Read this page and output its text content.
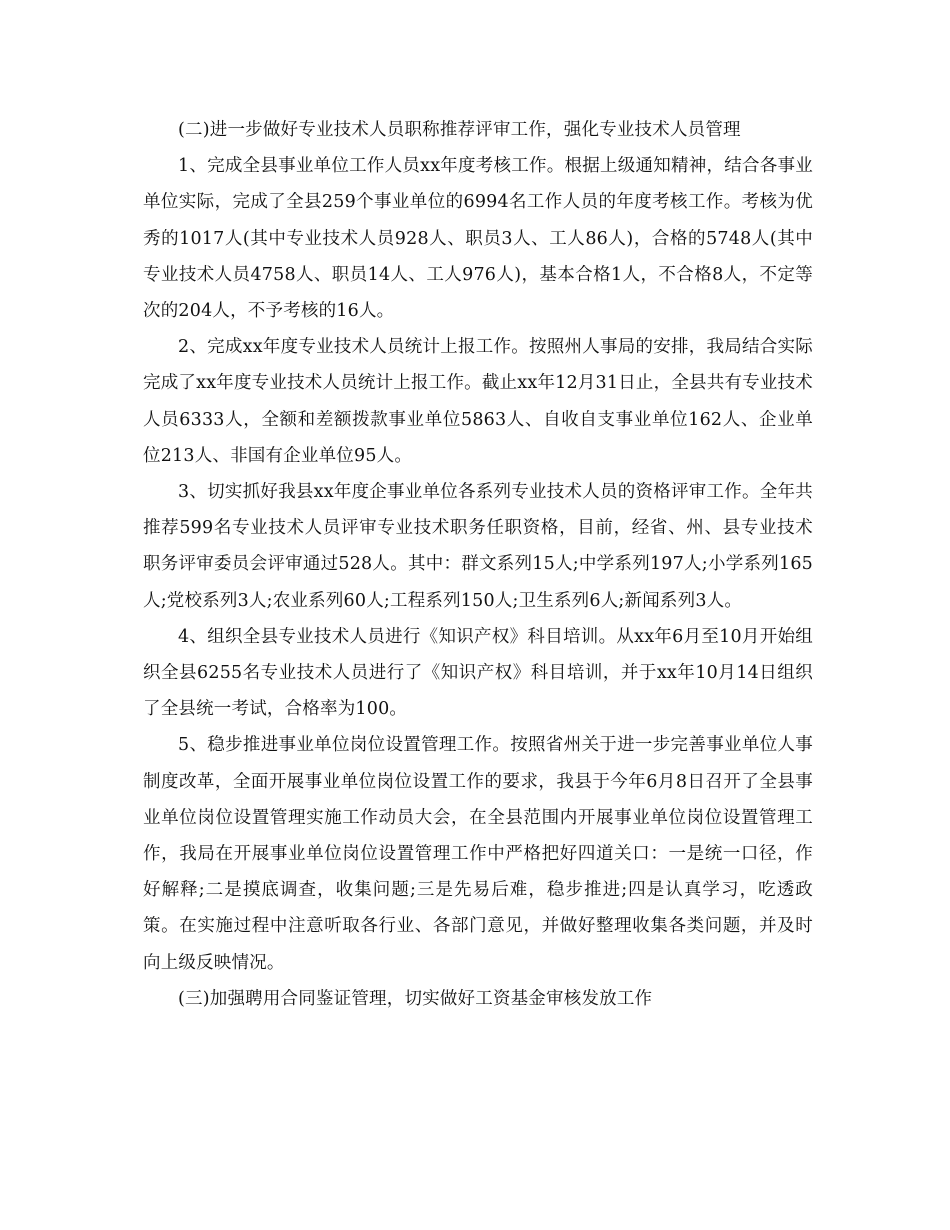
(二)进一步做好专业技术人员职称推荐评审工作，强化专业技术人员管理

1、完成全县事业单位工作人员xx年度考核工作。根据上级通知精神，结合各事业单位实际，完成了全县259个事业单位的6994名工作人员的年度考核工作。考核为优秀的1017人(其中专业技术人员928人、职员3人、工人86人)，合格的5748人(其中专业技术人员4758人、职员14人、工人976人)，基本合格1人，不合格8人，不定等次的204人，不予考核的16人。

2、完成xx年度专业技术人员统计上报工作。按照州人事局的安排，我局结合实际完成了xx年度专业技术人员统计上报工作。截止xx年12月31日止，全县共有专业技术人员6333人，全额和差额拨款事业单位5863人、自收自支事业单位162人、企业单位213人、非国有企业单位95人。

3、切实抓好我县xx年度企事业单位各系列专业技术人员的资格评审工作。全年共推荐599名专业技术人员评审专业技术职务任职资格，目前，经省、州、县专业技术职务评审委员会评审通过528人。其中：群文系列15人;中学系列197人;小学系列165人;党校系列3人;农业系列60人;工程系列150人;卫生系列6人;新闻系列3人。

4、组织全县专业技术人员进行《知识产权》科目培训。从xx年6月至10月开始组织全县6255名专业技术人员进行了《知识产权》科目培训，并于xx年10月14日组织了全县统一考试，合格率为100。

5、稳步推进事业单位岗位设置管理工作。按照省州关于进一步完善事业单位人事制度改革，全面开展事业单位岗位设置工作的要求，我县于今年6月8日召开了全县事业单位岗位设置管理实施工作动员大会，在全县范围内开展事业单位岗位设置管理工作，我局在开展事业单位岗位设置管理工作中严格把好四道关口：一是统一口径，作好解释;二是摸底调查，收集问题;三是先易后难，稳步推进;四是认真学习，吃透政策。在实施过程中注意听取各行业、各部门意见，并做好整理收集各类问题，并及时向上级反映情况。

(三)加强聘用合同鉴证管理，切实做好工资基金审核发放工作
